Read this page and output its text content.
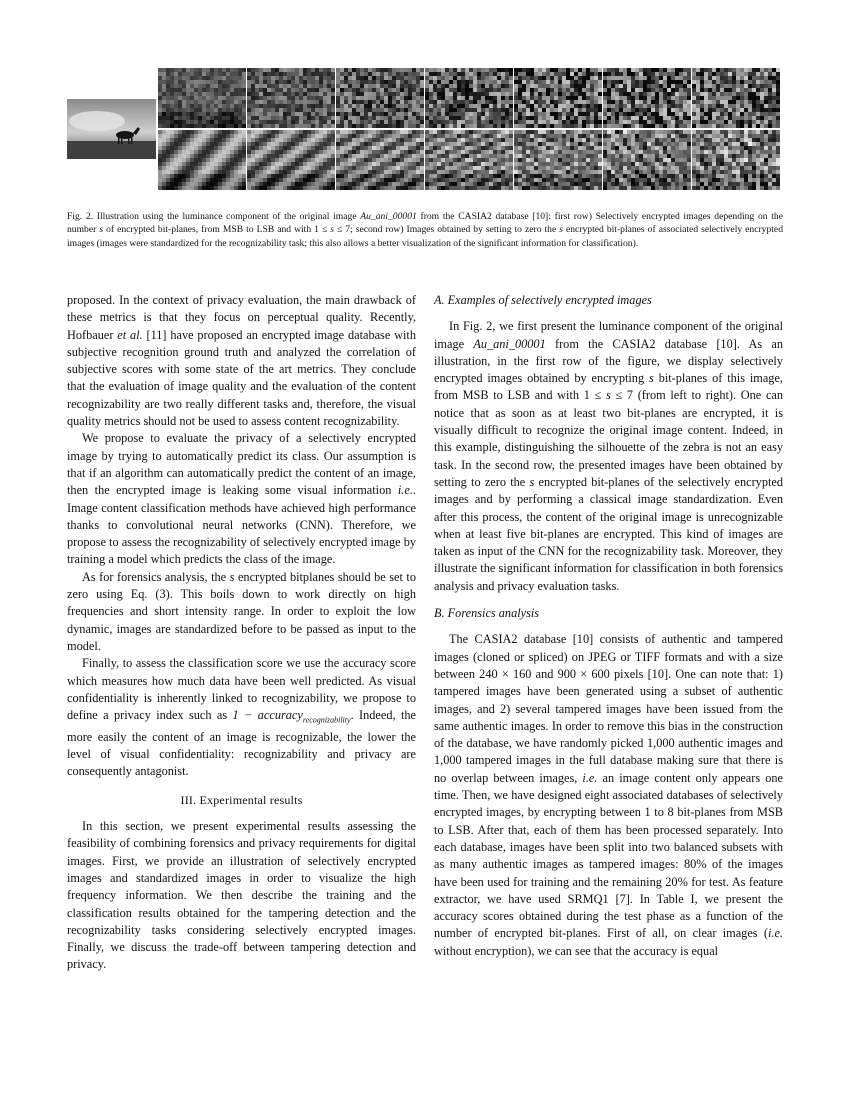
Fig. 2. Illustration using the luminance component of the original image Au_ani_00001 from the CASIA2 database [10]: first row) Selectively encrypted images depending on the number s of encrypted bit-planes, from MSB to LSB and with 1 ≤ s ≤ 7; second row) Images obtained by setting to zero the s encrypted bit-planes of associated selectively encrypted images (images were standardized for the recognizability task; this also allows a better visualization of the significant information for classification).

proposed. In the context of privacy evaluation, the main drawback of these metrics is that they focus on perceptual quality. Recently, Hofbauer et al. [11] have proposed an encrypted image database with subjective recognition ground truth and analyzed the correlation of subjective scores with some state of the art metrics. They conclude that the evaluation of image quality and the evaluation of the content recognizability are two really different tasks and, therefore, the visual quality metrics should not be used to assess content recognizability.

We propose to evaluate the privacy of a selectively encrypted image by trying to automatically predict its class. Our assumption is that if an algorithm can automatically predict the content of an image, then the encrypted image is leaking some visual information i.e.. Image content classification methods have achieved high performance thanks to convolutional neural networks (CNN). Therefore, we propose to assess the recognizability of selectively encrypted image by training a model which predicts the class of the image.

As for forensics analysis, the s encrypted bitplanes should be set to zero using Eq. (3). This boils down to work directly on high frequencies and short intensity range. In order to exploit the low dynamic, images are standardized before to be passed as input to the model.

Finally, to assess the classification score we use the accuracy score which measures how much data have been well predicted. As visual confidentiality is inherently linked to recognizability, we propose to define a privacy index such as 1 − accuracy$_{recognizability}$. Indeed, the more easily the content of an image is recognizable, the lower the level of visual confidentiality: recognizability and privacy are consequently antagonist.

III. Experimental results

In this section, we present experimental results assessing the feasibility of combining forensics and privacy requirements for digital images. First, we provide an illustration of selectively encrypted images and standardized images in order to visualize the high frequency information. We then describe the training and the classification results obtained for the tampering detection and the recognizability tasks considering selectively encrypted images. Finally, we discuss the trade-off between tampering detection and privacy.

A. Examples of selectively encrypted images

In Fig. 2, we first present the luminance component of the original image Au_ani_00001 from the CASIA2 database [10]. As an illustration, in the first row of the figure, we display selectively encrypted images obtained by encrypting s bit-planes of this image, from MSB to LSB and with 1 ≤ s ≤ 7 (from left to right). One can notice that as soon as at least two bit-planes are encrypted, it is visually difficult to recognize the original image content. Indeed, in this example, distinguishing the silhouette of the zebra is not an easy task. In the second row, the presented images have been obtained by setting to zero the s encrypted bit-planes of the selectively encrypted images and by performing a classical image standardization. Even after this process, the content of the original image is unrecognizable when at least five bit-planes are encrypted. This kind of images are taken as input of the CNN for the recognizability task. Moreover, they illustrate the significant information for classification in both forensics analysis and privacy evaluation tasks.

B. Forensics analysis

The CASIA2 database [10] consists of authentic and tampered images (cloned or spliced) on JPEG or TIFF formats and with a size between 240 × 160 and 900 × 600 pixels [10]. One can note that: 1) tampered images have been generated using a subset of authentic images, and 2) several tampered images have been issued from the same authentic images. In order to remove this bias in the construction of the database, we have randomly picked 1,000 authentic images and 1,000 tampered images in the full database making sure that there is no overlap between images, i.e. an image content only appears one time. Then, we have designed eight associated databases of selectively encrypted images, by encrypting between 1 to 8 bit-planes from MSB to LSB. After that, each of them has been processed separately. Into each database, images have been split into two balanced subsets with as many authentic images as tampered images: 80% of the images have been used for training and the remaining 20% for test. As feature extractor, we have used SRMQ1 [7]. In Table I, we present the accuracy scores obtained during the test phase as a function of the number of encrypted bit-planes. First of all, on clear images (i.e. without encryption), we can see that the accuracy is equal
